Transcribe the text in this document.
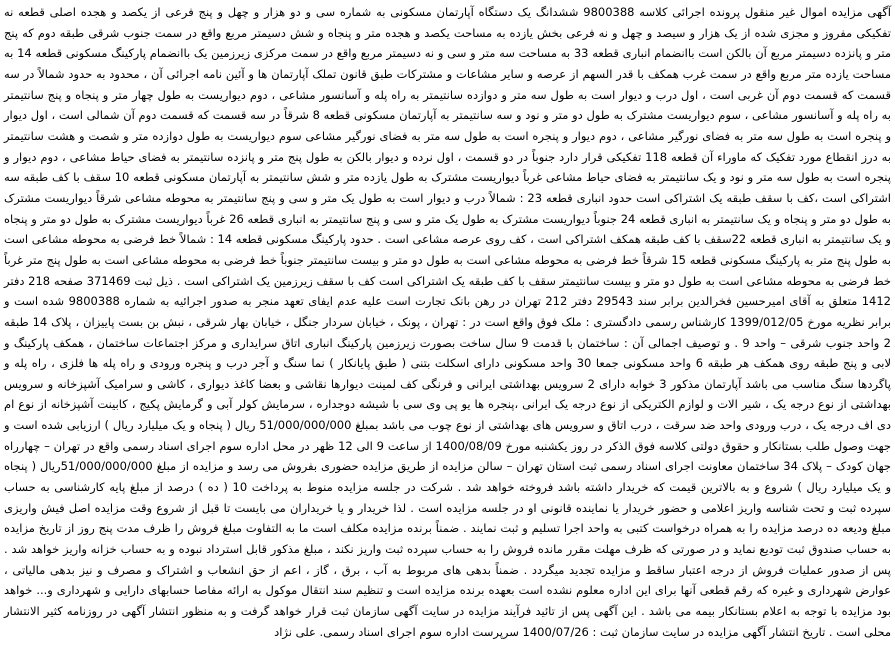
آگهی مزایده اموال غیر منقول پرونده اجرائی کلاسه 9800388 ششدانگ یک دستگاه آپارتمان مسکونی به شماره سی و دو هزار و چهل و پنج فرعی از یکصد و هجده اصلی قطعه نه تفکیکی مفروز و مجزی شده از یک هزار و سیصد و چهل و نه فرعی بخش یازده به مساحت یکصد و هجده متر و پنجاه و شش دسیمتر مربع واقع در سمت جنوب شرقی طبقه دوم که پنج متر و پانزده دسیمتر مربع آن بالکن است باانضمام انباری قطعه 33 به مساحت سه متر و سی و نه دسیمتر مربع واقع در سمت مرکزی زیرزمین یک باانضمام پارکینگ مسکونی قطعه 14 به مساحت یازده متر مربع واقع در سمت غرب همکف با قدر السهم از عرصه و سایر مشاعات و مشترکات طبق قانون تملک آپارتمان ها و آئین نامه اجرائی آن ، محدود به حدود شمالاً در سه قسمت که قسمت دوم آن غربی است ، اول درب و دیوار است به طول سه متر و دوازده سانتیمتر به راه پله و آسانسور مشاعی ، دوم دیواریست به طول چهار متر و پنجاه و پنج سانتیمتر به راه پله و آسانسور مشاعی ، سوم دیواریست مشترک به طول دو متر و نود و سه سانتیمتر به آپارتمان مسکونی قطعه 8 شرقاً در سه قسمت که قسمت دوم آن شمالی است ، اول دیوار و پنجره است به طول سه متر به فضای نورگیر مشاعی ، دوم دیوار و پنجره است به طول سه متر به فضای نورگیر مشاعی سوم دیواریست به طول دوازده متر و شصت و هشت سانتیمتر به درز انقطاع مورد تفکیک که ماوراء آن قطعه 118 تفکیکی قرار دارد جنوباً در دو قسمت ، اول نرده و دیوار بالکن به طول پنج متر و پانزده سانتیمتر به فضای حیاط مشاعی ، دوم دیوار و پنجره است به طول سه متر و نود و یک سانتیمتر به فضای حیاط مشاعی غرباً دیواریست مشترک به طول یازده متر و شش سانتیمتر به آپارتمان مسکونی قطعه 10 سقف با کف طبقه سه اشتراکی است ،کف با سقف طبقه یک اشتراکی است حدود انباری قطعه 23 : شمالاً درب و دیوار است به طول یک متر و سی و پنج سانتیمتر به محوطه مشاعی شرقاً دیواریست مشترک به طول دو متر و پنجاه و یک سانتیمتر به انباری قطعه 24 جنوباً دیواریست مشترک به طول یک متر و سی و پنج سانتیمتر به انباری قطعه 26 غرباً دیواریست مشترک به طول دو متر و پنجاه و یک سانتیمتر به انباری قطعه 22سقف با کف طبقه همکف اشتراکی است ، کف روی عرصه مشاعی است . حدود پارکینگ مسکونی قطعه 14 : شمالاً خط فرضی به محوطه مشاعی است به طول پنج متر به پارکینگ مسکونی قطعه 15 شرقاً خط فرضی به محوطه مشاعی است به طول دو متر و بیست سانتیمتر جنوباً خط فرضی به محوطه مشاعی است به طول پنج متر غرباً خط فرضی به محوطه مشاعی است به طول دو متر و بیست سانتیمتر سقف با کف طبقه یک اشتراکی است کف با سقف زیرزمین یک اشتراکی است . ذیل ثبت 371469 صفحه 218 دفتر 1412 متعلق به آقای امیرحسین فخرالدین برابر سند 29543 دفتر 212 تهران در رهن بانک تجارت است علیه عدم ایفای تعهد منجر به صدور اجرائیه به شماره 9800388 شده است و برابر نظریه مورخ 1399/012/05 کارشناس رسمی دادگستری : ملک فوق واقع است در : تهران ، پونک ، خیابان سردار جنگل ، خیابان بهار شرقی ، نبش بن بست پاییزان ، پلاک 14 طبقه 2 واحد جنوب شرقی – واحد 9 . و توصیف اجمالی آن : ساختمان با قدمت 9 سال ساخت بصورت زیرزمین پارکینگ انباری اتاق سرایداری و مرکز اجتماعات ساختمان ، همکف پارکینگ و لابی و پنج طبقه روی همکف هر طبقه 6 واحد مسکونی جمعا 30 واحد مسکونی دارای اسکلت بتنی ( طبق پایانکار ) نما سنگ و آجر درب و پنجره ورودی و راه پله ها فلزی ، راه پله و پاگردها سنگ مناسب می باشد آپارتمان مذکور 3 خوابه دارای 2 سرویس بهداشتی ایرانی و فرنگی کف لمینت دیوارها نقاشی و بعضا کاغذ دیواری ، کاشی و سرامیک آشپزخانه و سرویس بهداشتی از نوع درجه یک ، شیر الات و لوازم الکتریکی از نوع درجه یک ایرانی ،پنجره ها یو پی وی سی با شیشه دوجداره ، سرمایش کولر آبی و گرمایش پکیج ، کابینت آشپزخانه از نوع ام دی اف درجه یک ، درب ورودی واحد ضد سرقت ، درب اتاق و سرویس های بهداشتی از نوع چوب می باشد بمبلغ 51/000/000/000 ریال ( پنجاه و یک میلیارد ریال ) ارزیابی شده است و جهت وصول طلب بستانکار و حقوق دولتی کلاسه فوق الذکر در روز یکشنبه مورخ 1400/08/09 از ساعت 9 الی 12 ظهر در محل اداره سوم اجرای اسناد رسمی واقع در تهران – چهارراه جهان کودک – پلاک 34 ساختمان معاونت اجرای اسناد رسمی ثبت استان تهران – سالن مزایده از طریق مزایده حضوری بفروش می رسد و مزایده از مبلغ 51/000/000/000ریال ( پنجاه و یک میلیارد ریال ) شروع و به بالاترین قیمت که خریدار داشته باشد فروخته خواهد شد . شرکت در جلسه مزایده منوط به پرداخت 10 ( ده ) درصد از مبلغ پایه کارشناسی به حساب سپرده ثبت و تحت شناسه واریز اعلامی و حضور خریدار یا نماینده قانونی او در جلسه مزایده است . لذا خریدار و یا خریداران می بایست تا قبل از شروع وقت مزایده اصل فیش واریزی مبلغ ودیعه ده درصد مزایده را به همراه درخواست کتبی به واحد اجرا تسلیم و ثبت نمایند . ضمناً برنده مزایده مکلف است ما به التفاوت مبلغ فروش را ظرف مدت پنج روز از تاریخ مزایده به حساب صندوق ثبت تودیع نماید و در صورتی که ظرف مهلت مقرر مانده فروش را به حساب سپرده ثبت واریز نکند ، مبلغ مذکور قابل استرداد نبوده و به حساب خزانه واریز خواهد شد . پس از صدور عملیات فروش از درجه اعتبار ساقط و مزایده تجدید میگردد . ضمناً بدهی های مربوط به آب ، برق ، گاز ، اعم از حق انشعاب و اشتراک و مصرف و نیز بدهی مالیاتی ، عوارض شهرداری و غیره که رقم قطعی آنها برای این اداره معلوم نشده است بعهده برنده مزایده است و تنظیم سند انتقال موکول به ارائه مفاصا حسابهای دارایی و شهرداری و... خواهد بود مزایده با توجه به اعلام بستانکار بیمه می باشد . این آگهی پس از تائید فرآیند مزایده در سایت آگهی سازمان ثبت قرار خواهد گرفت و به منظور انتشار آگهی در روزنامه کثیر الانتشار محلی است . تاریخ انتشار آگهی مزایده در سایت سازمان ثبت : 1400/07/26 سرپرست اداره سوم اجرای اسناد رسمی. علی نژاد
